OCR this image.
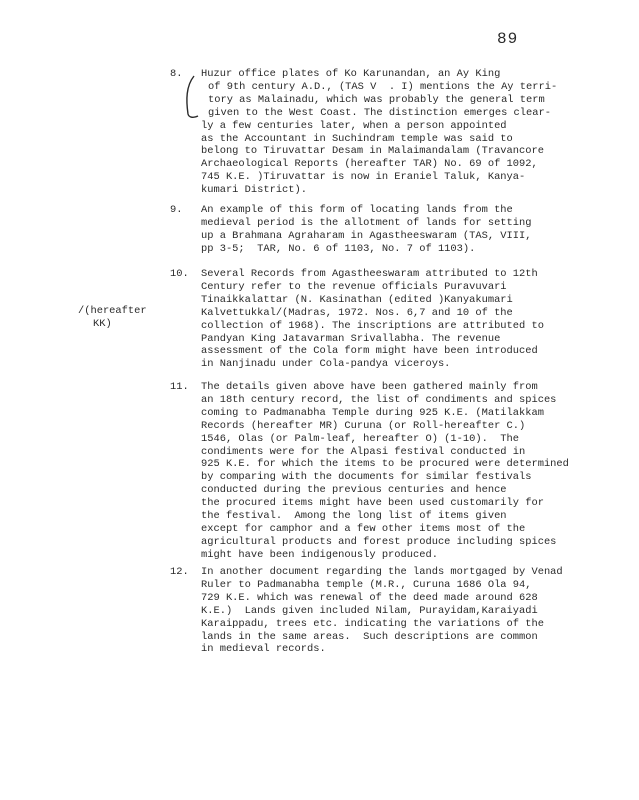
89
/(hereafter
KK)
8.	Huzur office plates of Ko Karunandan, an Ay King
of 9th century A.D., (TAS V  . I) mentions the Ay terri-
tory as Malainadu, which was probably the general term
given to the West Coast. The distinction emerges clear-
ly a few centuries later, when a person appointed
as the Accountant in Suchindram temple was said to
belong to Tiruvattar Desam in Malaimandalam (Travancore
Archaeological Reports (hereafter TAR) No. 69 of 1092,
745 K.E. )Tiruvattar is now in Eraniel Taluk, Kanya-
kumari District).
9.	An example of this form of locating lands from the
medieval period is the allotment of lands for setting
up a Brahmana Agraharam in Agastheeswaram (TAS, VIII,
pp 3-5;  TAR, No. 6 of 1103, No. 7 of 1103).
10.	Several Records from Agastheeswaram attributed to 12th
Century refer to the revenue officials Puravuvari
Tinaikkalattar (N. Kasinathan (edited )Kanyakumari
Kalvettukkal/(Madras, 1972. Nos. 6,7 and 10 of the
collection of 1968). The inscriptions are attributed to
Pandyan King Jatavarman Srivallabha. The revenue
assessment of the Cola form might have been introduced
in Nanjinadu under Cola-pandya viceroys.
11.	The details given above have been gathered mainly from
an 18th century record, the list of condiments and spices
coming to Padmanabha Temple during 925 K.E. (Matilakkam
Records (hereafter MR) Curuna (or Roll-hereafter C.)
1546, Olas (or Palm-leaf, hereafter O) (1-10).  The
condiments were for the Alpasi festival conducted in
925 K.E. for which the items to be procured were determined
by comparing with the documents for similar festivals
conducted during the previous centuries and hence
the procured items might have been used customarily for
the festival.  Among the long list of items given
except for camphor and a few other items most of the
agricultural products and forest produce including spices
might have been indigenously produced.
12.	In another document regarding the lands mortgaged by Venad
Ruler to Padmanabha temple (M.R., Curuna 1686 Ola 94,
729 K.E. which was renewal of the deed made around 628
K.E.)  Lands given included Nilam, Purayidam,Karaiyadi
Karaippadu, trees etc. indicating the variations of the
lands in the same areas.  Such descriptions are common
in medieval records.
